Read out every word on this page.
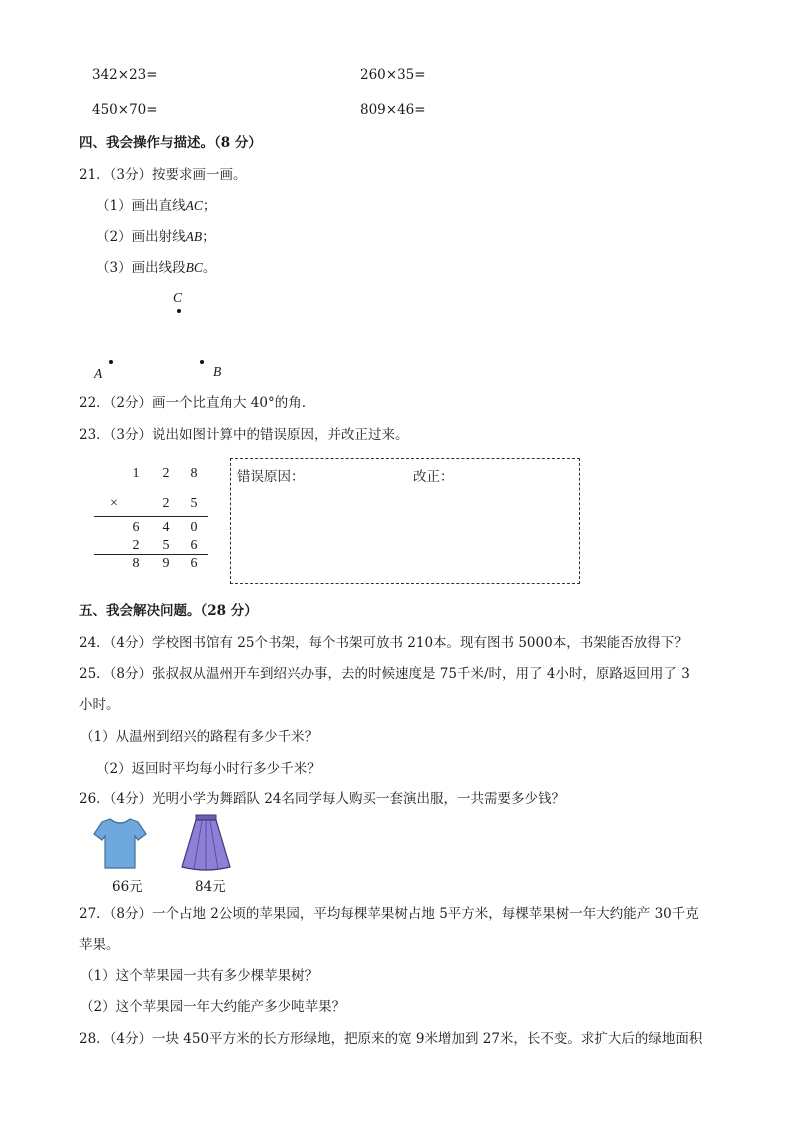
342×23=	260×35=
450×70=	809×46=
四、我会操作与描述。（8 分）
21．（3分）按要求画一画。
（1）画出直线AC；
（2）画出射线AB；
（3）画出线段BC。
C
A	B
22．（2分）画一个比直角大 40°的角.
23．（3分）说出如图计算中的错误原因，并改正过来。
1	2	8
×	2	5
6	4	0
2	5	6
8	9	6
错误原因：	改正：
五、我会解决问题。（28 分）
24．（4分）学校图书馆有 25个书架，每个书架可放书 210本。现有图书 5000本，书架能否放得下？
25．（8分）张叔叔从温州开车到绍兴办事，去的时候速度是 75千米/时，用了 4小时，原路返回用了 3
小时。
（1）从温州到绍兴的路程有多少千米？
（2）返回时平均每小时行多少千米？
26．（4分）光明小学为舞蹈队 24名同学每人购买一套演出服，一共需要多少钱？
66元	84元
27．（8分）一个占地 2公顷的苹果园，平均每棵苹果树占地 5平方米，每棵苹果树一年大约能产 30千克
苹果。
（1）这个苹果园一共有多少棵苹果树？
（2）这个苹果园一年大约能产多少吨苹果？
28．（4分）一块 450平方米的长方形绿地，把原来的宽 9米增加到 27米，长不变。求扩大后的绿地面积
